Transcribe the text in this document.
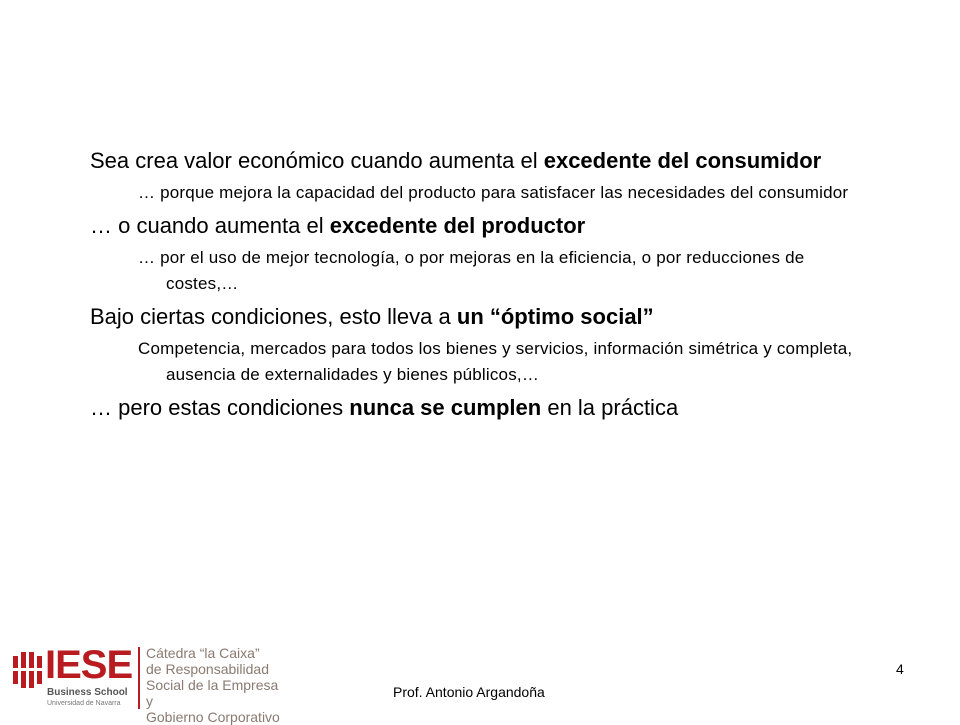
Sea crea valor económico cuando aumenta el excedente del consumidor
… porque mejora la capacidad del producto para satisfacer las necesidades del consumidor
… o cuando aumenta el excedente del productor
… por el uso de mejor tecnología, o por mejoras en la eficiencia, o por reducciones de costes,…
Bajo ciertas condiciones, esto lleva a un “óptimo social”
Competencia, mercados para todos los bienes y servicios, información simétrica y completa, ausencia de externalidades y bienes públicos,…
… pero estas condiciones nunca se cumplen en la práctica
IESE
Business School
Universidad de Navarra
Cátedra “la Caixa”
de Responsabilidad
Social de la Empresa y
Gobierno Corporativo
Prof. Antonio Argandoña
4
